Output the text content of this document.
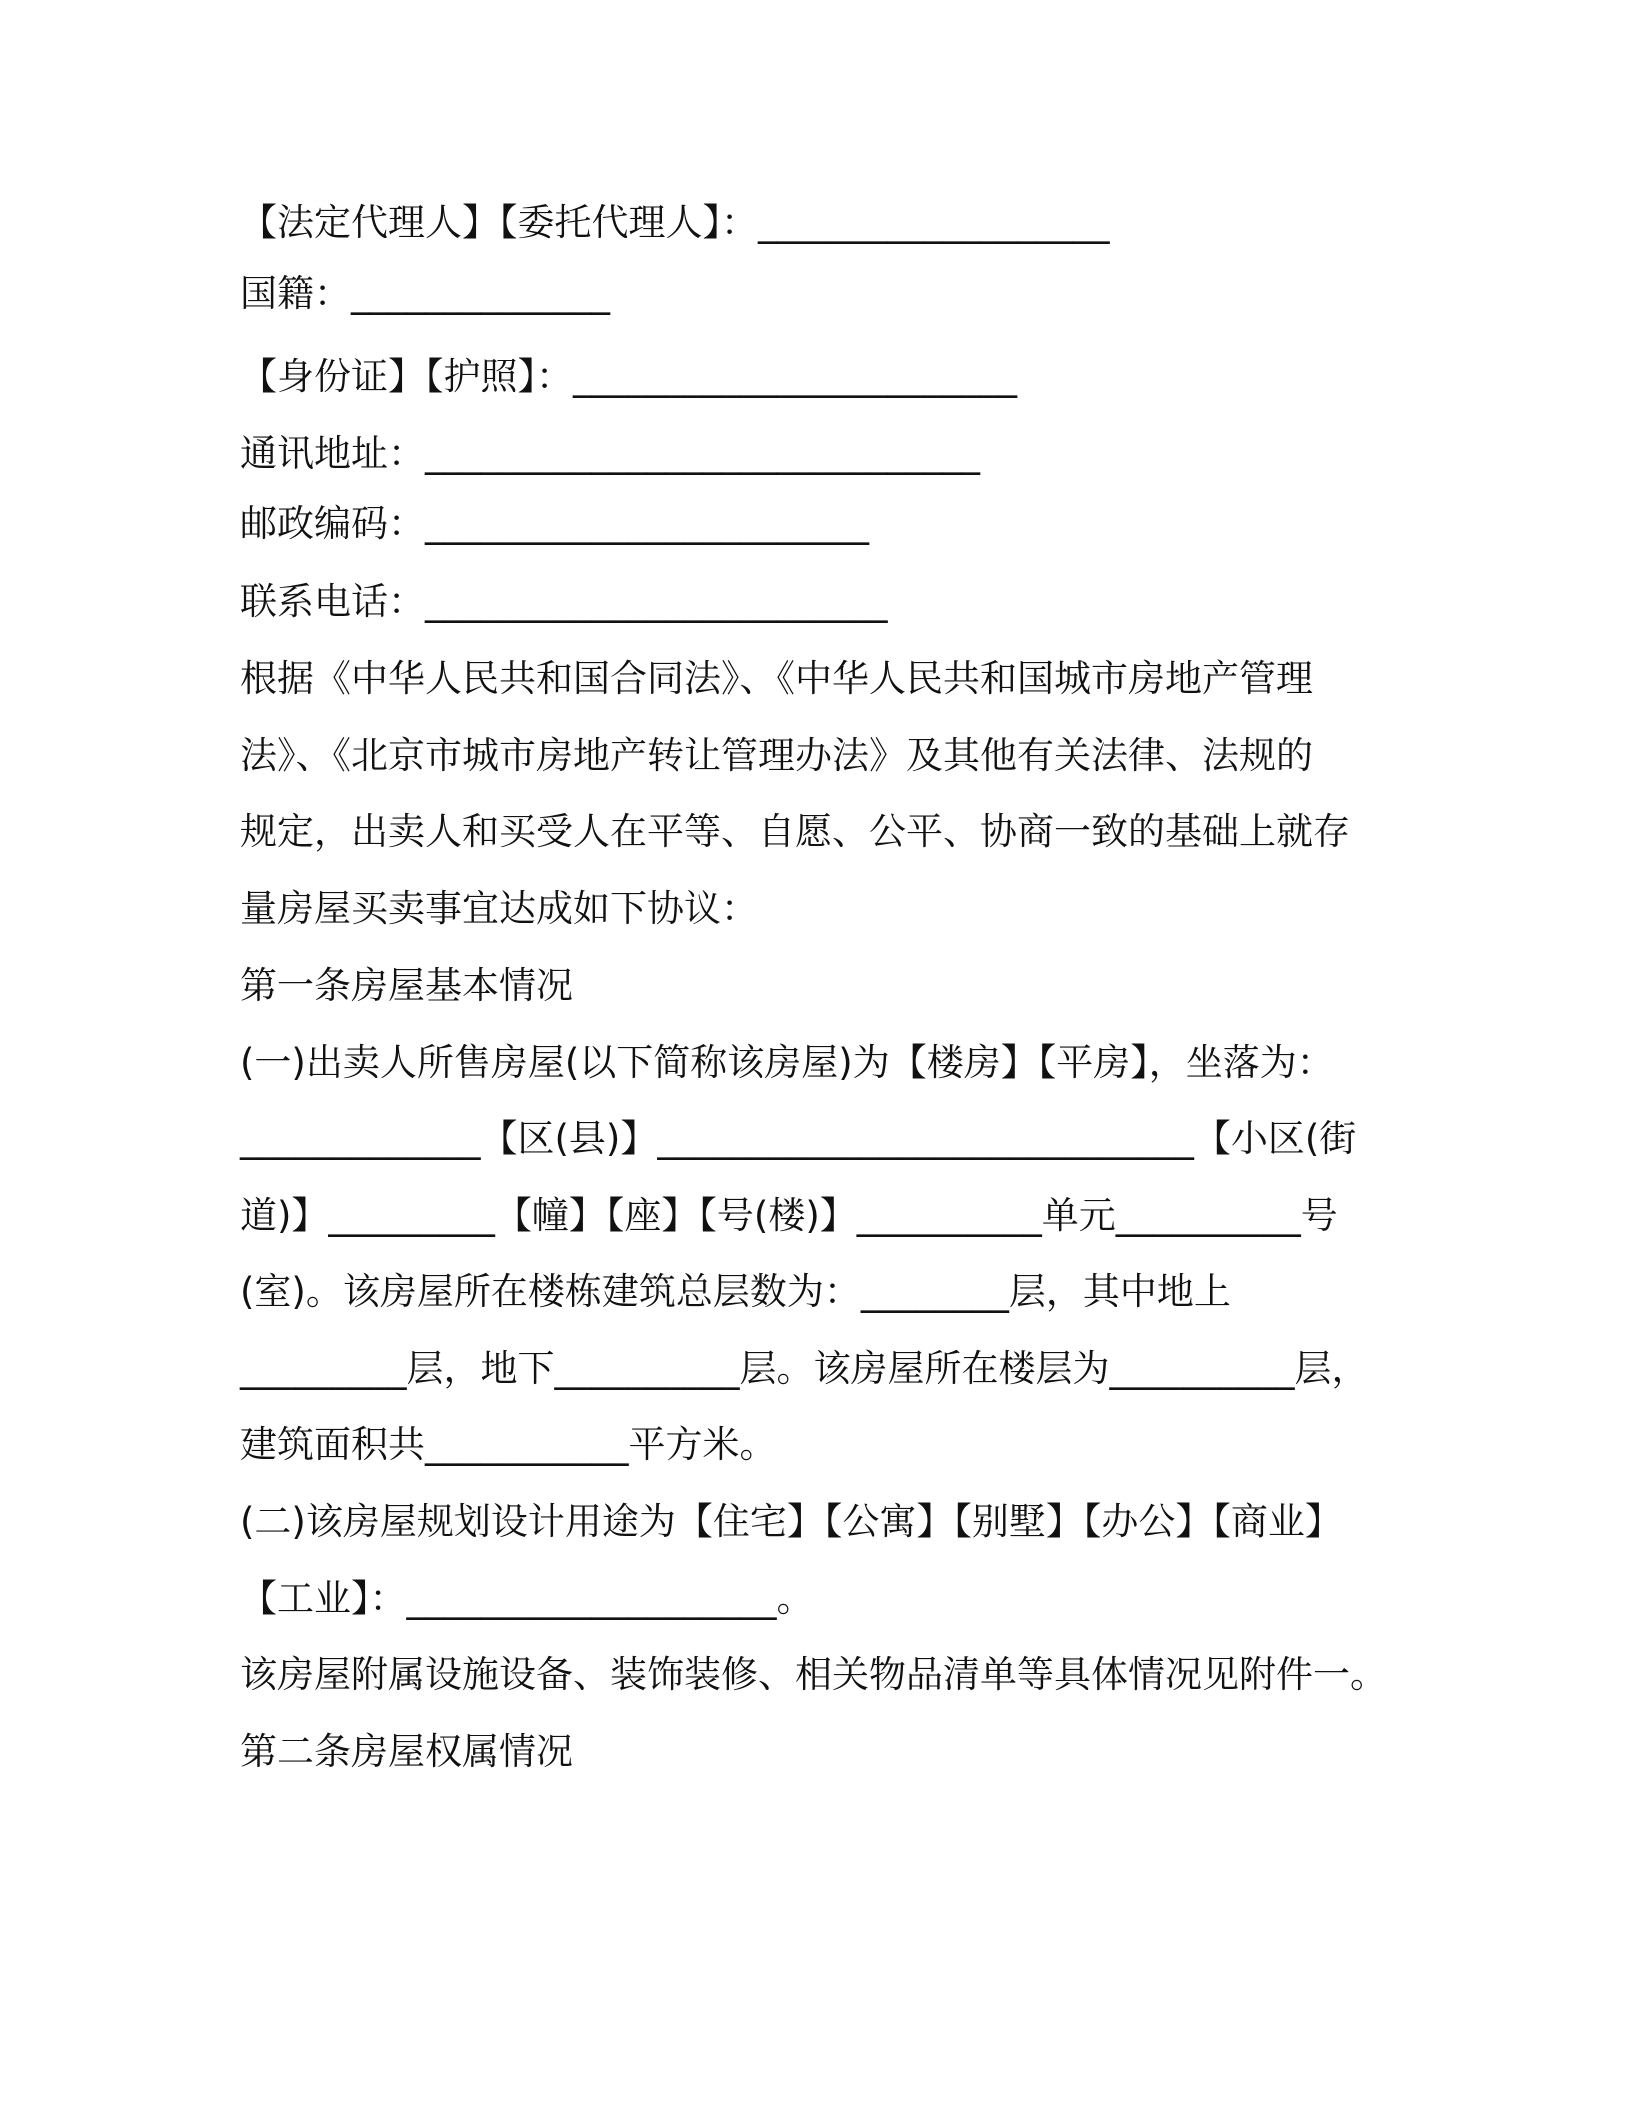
【法定代理人】【委托代理人】：___________________
国籍：______________
【身份证】【护照】：________________________
通讯地址：______________________________
邮政编码：________________________
联系电话：_________________________
根据《中华人民共和国合同法》、《中华人民共和国城市房地产管理
法》、《北京市城市房地产转让管理办法》及其他有关法律、法规的
规定，出卖人和买受人在平等、自愿、公平、协商一致的基础上就存
量房屋买卖事宜达成如下协议：
第一条房屋基本情况
(一)出卖人所售房屋(以下简称该房屋)为【楼房】【平房】，坐落为：
_____________【区(县)】_____________________________【小区(街
道)】_________【幢】【座】【号(楼)】__________单元__________号
(室)。该房屋所在楼栋建筑总层数为：________层，其中地上
_________层，地下__________层。该房屋所在楼层为__________层，
建筑面积共___________平方米。
(二)该房屋规划设计用途为【住宅】【公寓】【别墅】【办公】【商业】
【工业】：____________________。
该房屋附属设施设备、装饰装修、相关物品清单等具体情况见附件一。
第二条房屋权属情况
